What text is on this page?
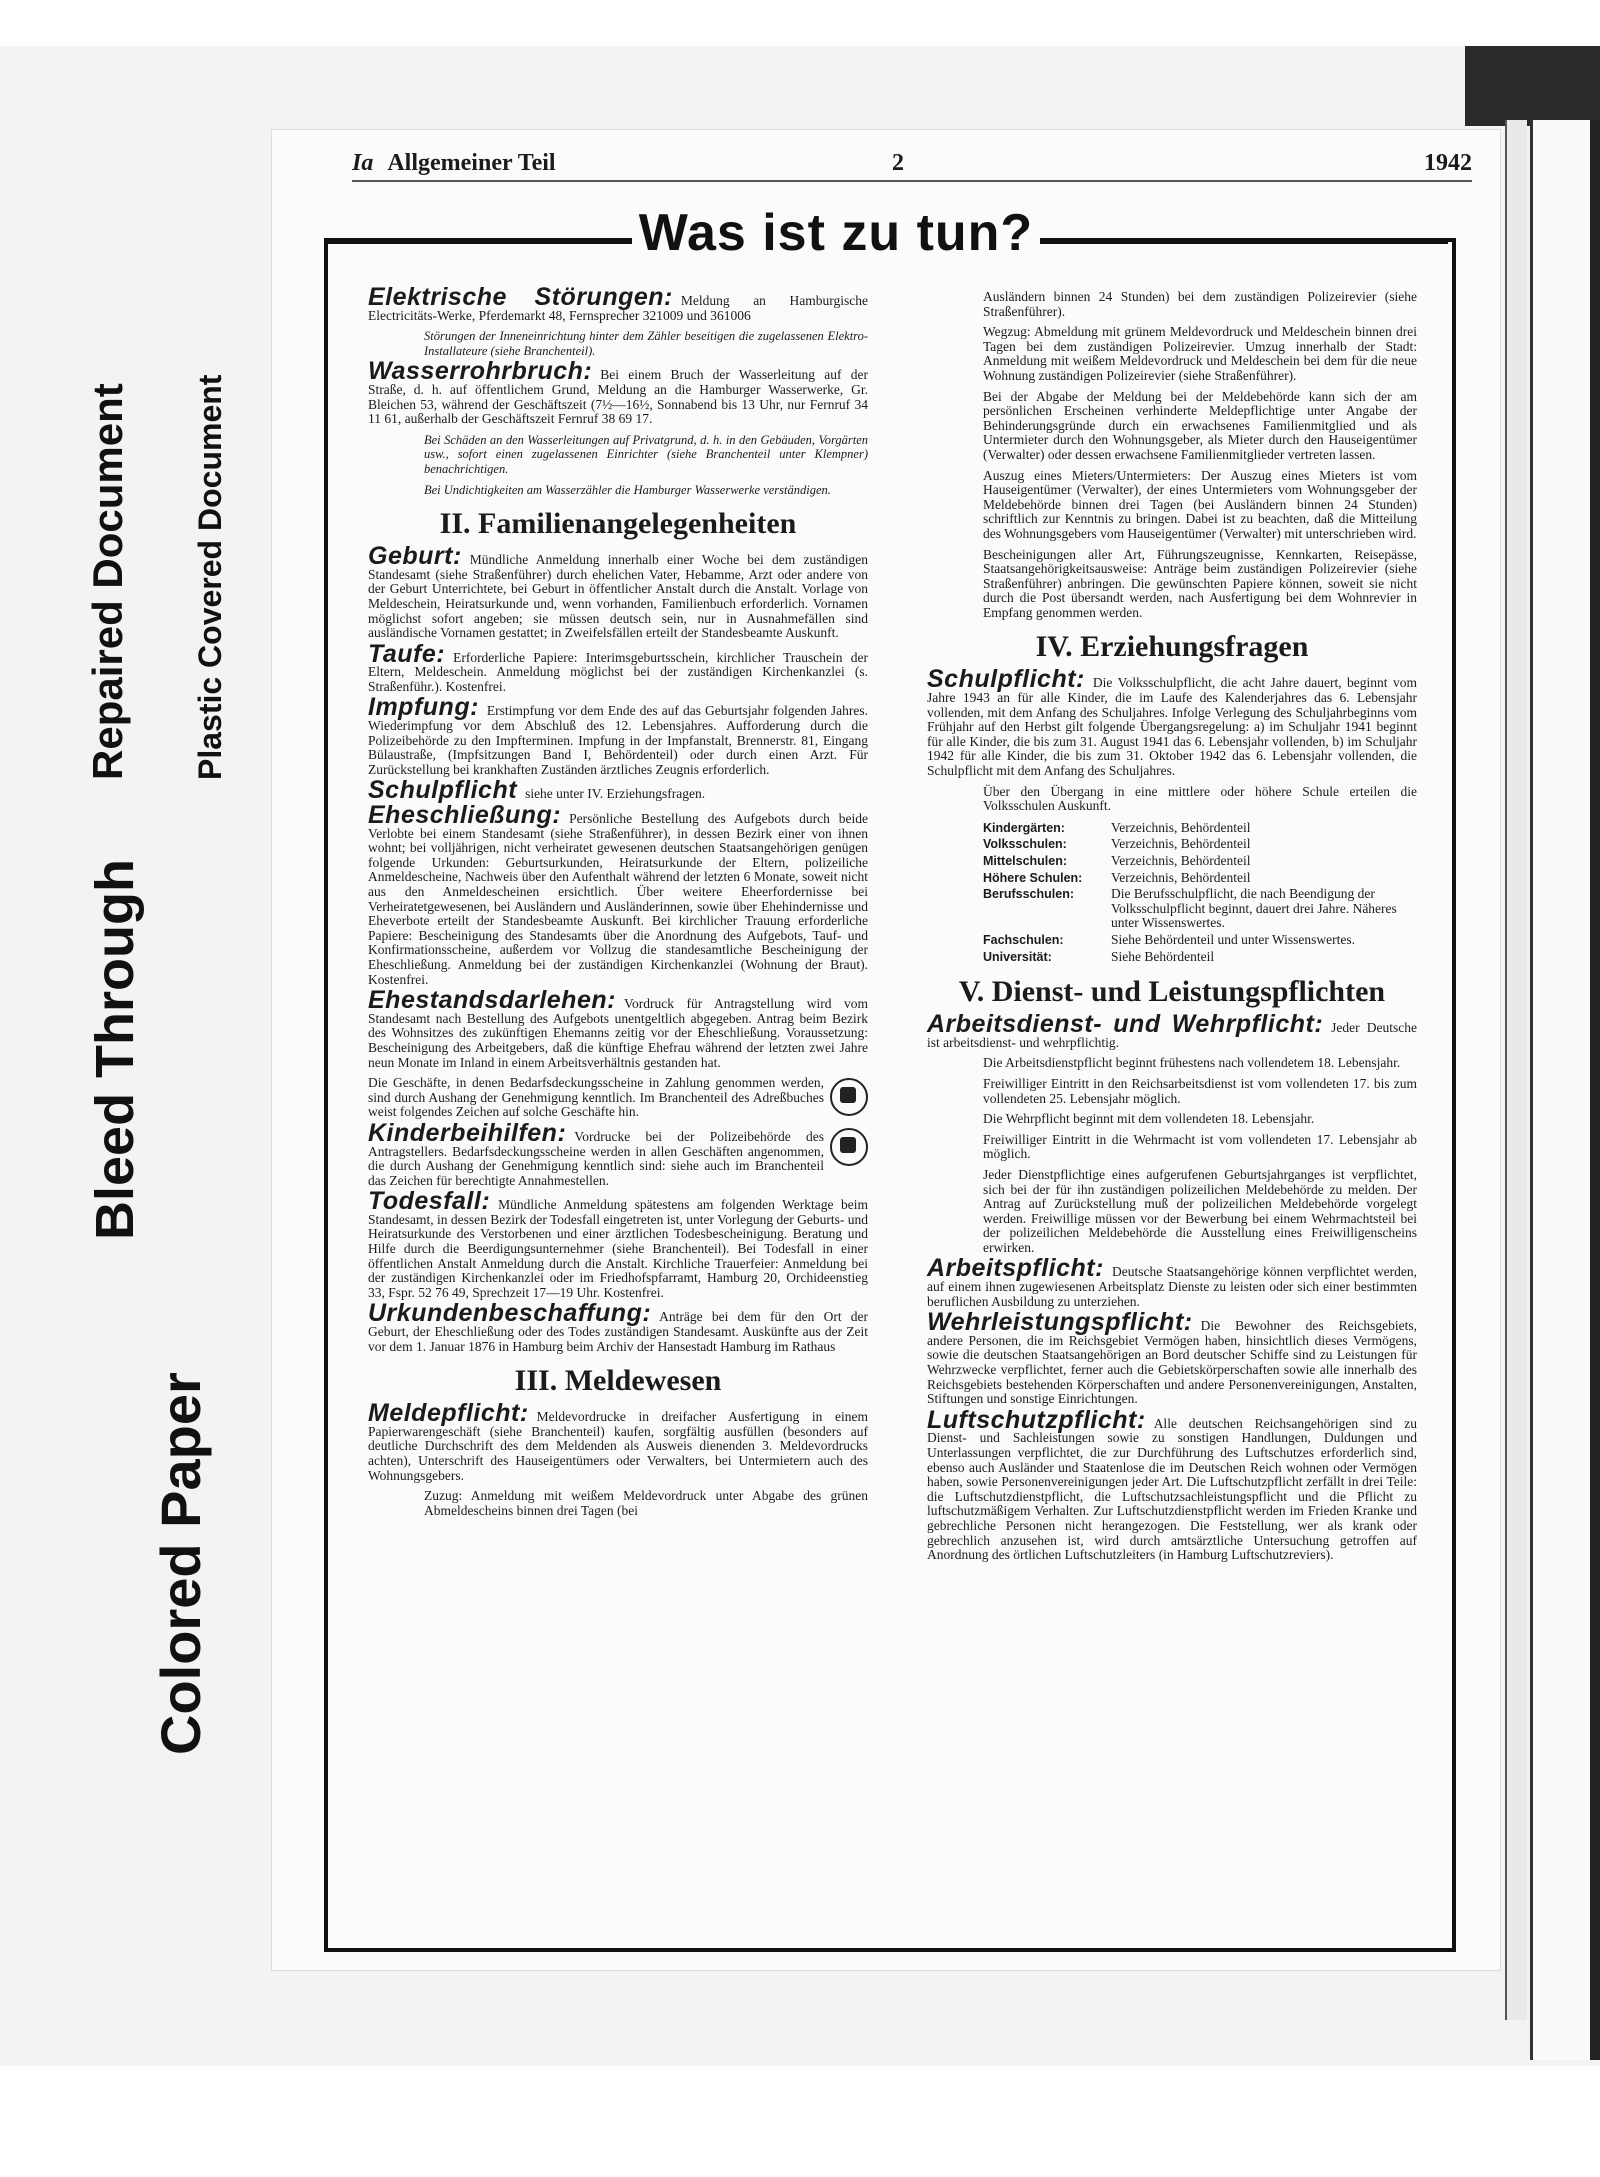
Bleed Through
Repaired Document Plastic Covered Document
Colored Paper
Ia Allgemeiner Teil	2	1942
Was ist zu tun?

Elektrische Störungen: Meldung an Hamburgische Electricitäts-Werke, Pferdemarkt 48, Fernsprecher 321009 und 361006

Störungen der Inneneinrichtung hinter dem Zähler beseitigen die zugelassenen Elektro-Installateure (siehe Branchenteil).

Wasserrohrbruch: Bei einem Bruch der Wasserleitung auf der Straße, d. h. auf öffentlichem Grund, Meldung an die Hamburger Wasserwerke, Gr. Bleichen 53, während der Geschäftszeit (7½—16½, Sonnabend bis 13 Uhr, nur Fernruf 34 11 61, außerhalb der Geschäftszeit Fernruf 38 69 17.

Bei Schäden an den Wasserleitungen auf Privatgrund, d. h. in den Gebäuden, Vorgärten usw., sofort einen zugelassenen Einrichter (siehe Branchenteil unter Klempner) benachrichtigen.

Bei Undichtigkeiten am Wasserzähler die Hamburger Wasserwerke verständigen.

II. Familienangelegenheiten

Geburt: Mündliche Anmeldung innerhalb einer Woche bei dem zuständigen Standesamt (siehe Straßenführer) durch ehelichen Vater, Hebamme, Arzt oder andere von der Geburt Unterrichtete, bei Geburt in öffentlicher Anstalt durch die Anstalt. Vorlage von Meldeschein, Heiratsurkunde und, wenn vorhanden, Familienbuch erforderlich. Vornamen möglichst sofort angeben; sie müssen deutsch sein, nur in Ausnahmefällen sind ausländische Vornamen gestattet; in Zweifelsfällen erteilt der Standesbeamte Auskunft.

Taufe: Erforderliche Papiere: Interimsgeburtsschein, kirchlicher Trauschein der Eltern, Meldeschein. Anmeldung möglichst bei der zuständigen Kirchenkanzlei (s. Straßenführ.). Kostenfrei.

Impfung: Erstimpfung vor dem Ende des auf das Geburtsjahr folgenden Jahres. Wiederimpfung vor dem Abschluß des 12. Lebensjahres. Aufforderung durch die Polizeibehörde zu den Impfterminen. Impfung in der Impfanstalt, Brennerstr. 81, Eingang Bülaustraße, (Impfsitzungen Band I, Behördenteil) oder durch einen Arzt. Für Zurückstellung bei krankhaften Zuständen ärztliches Zeugnis erforderlich.

Schulpflicht siehe unter IV. Erziehungsfragen.

Eheschließung: Persönliche Bestellung des Aufgebots durch beide Verlobte bei einem Standesamt (siehe Straßenführer), in dessen Bezirk einer von ihnen wohnt; bei volljährigen, nicht verheiratet gewesenen deutschen Staatsangehörigen genügen folgende Urkunden: Geburtsurkunden, Heiratsurkunde der Eltern, polizeiliche Anmeldescheine, Nachweis über den Aufenthalt während der letzten 6 Monate, soweit nicht aus den Anmeldescheinen ersichtlich. Über weitere Eheerfordernisse bei Verheiratetgewesenen, bei Ausländern und Ausländerinnen, sowie über Ehehindernisse und Eheverbote erteilt der Standesbeamte Auskunft. Bei kirchlicher Trauung erforderliche Papiere: Bescheinigung des Standesamts über die Anordnung des Aufgebots, Tauf- und Konfirmationsscheine, außerdem vor Vollzug die standesamtliche Bescheinigung der Eheschließung. Anmeldung bei der zuständigen Kirchenkanzlei (Wohnung der Braut). Kostenfrei.

Ehestandsdarlehen: Vordruck für Antragstellung wird vom Standesamt nach Bestellung des Aufgebots unentgeltlich abgegeben. Antrag beim Bezirk des Wohnsitzes des zukünftigen Ehemanns zeitig vor der Eheschließung. Voraussetzung: Bescheinigung des Arbeitgebers, daß die künftige Ehefrau während der letzten zwei Jahre neun Monate im Inland in einem Arbeitsverhältnis gestanden hat.

Die Geschäfte, in denen Bedarfsdeckungsscheine in Zahlung genommen werden, sind durch Aushang der Genehmigung kenntlich. Im Branchenteil des Adreßbuches weist folgendes Zeichen auf solche Geschäfte hin.

Kinderbeihilfen: Vordrucke bei der Polizeibehörde des Antragstellers. Bedarfsdeckungsscheine werden in allen Geschäften angenommen, die durch Aushang der Genehmigung kenntlich sind: siehe auch im Branchenteil das Zeichen für berechtigte Annahmestellen.

Todesfall: Mündliche Anmeldung spätestens am folgenden Werktage beim Standesamt, in dessen Bezirk der Todesfall eingetreten ist, unter Vorlegung der Geburts- und Heiratsurkunde des Verstorbenen und einer ärztlichen Todesbescheinigung. Beratung und Hilfe durch die Beerdigungsunternehmer (siehe Branchenteil). Bei Todesfall in einer öffentlichen Anstalt Anmeldung durch die Anstalt. Kirchliche Trauerfeier: Anmeldung bei der zuständigen Kirchenkanzlei oder im Friedhofspfarramt, Hamburg 20, Orchideenstieg 33, Fspr. 52 76 49, Sprechzeit 17—19 Uhr. Kostenfrei.

Urkundenbeschaffung: Anträge bei dem für den Ort der Geburt, der Eheschließung oder des Todes zuständigen Standesamt. Auskünfte aus der Zeit vor dem 1. Januar 1876 in Hamburg beim Archiv der Hansestadt Hamburg im Rathaus

III. Meldewesen

Meldepflicht: Meldevordrucke in dreifacher Ausfertigung in einem Papierwarengeschäft (siehe Branchenteil) kaufen, sorgfältig ausfüllen (besonders auf deutliche Durchschrift des dem Meldenden als Ausweis dienenden 3. Meldevordrucks achten), Unterschrift des Hauseigentümers oder Verwalters, bei Untermietern auch des Wohnungsgebers.

Zuzug: Anmeldung mit weißem Meldevordruck unter Abgabe des grünen Abmeldescheins binnen drei Tagen (bei

Ausländern binnen 24 Stunden) bei dem zuständigen Polizeirevier (siehe Straßenführer).

Wegzug: Abmeldung mit grünem Meldevordruck und Meldeschein binnen drei Tagen bei dem zuständigen Polizeirevier. Umzug innerhalb der Stadt: Anmeldung mit weißem Meldevordruck und Meldeschein bei dem für die neue Wohnung zuständigen Polizeirevier (siehe Straßenführer).

Bei der Abgabe der Meldung bei der Meldebehörde kann sich der am persönlichen Erscheinen verhinderte Meldepflichtige unter Angabe der Behinderungsgründe durch ein erwachsenes Familienmitglied und als Untermieter durch den Wohnungsgeber, als Mieter durch den Hauseigentümer (Verwalter) oder dessen erwachsene Familienmitglieder vertreten lassen.

Auszug eines Mieters/Untermieters: Der Auszug eines Mieters ist vom Hauseigentümer (Verwalter), der eines Untermieters vom Wohnungsgeber der Meldebehörde binnen drei Tagen (bei Ausländern binnen 24 Stunden) schriftlich zur Kenntnis zu bringen. Dabei ist zu beachten, daß die Mitteilung des Wohnungsgebers vom Hauseigentümer (Verwalter) mit unterschrieben wird.

Bescheinigungen aller Art, Führungszeugnisse, Kennkarten, Reisepässe, Staatsangehörigkeitsausweise: Anträge beim zuständigen Polizeirevier (siehe Straßenführer) anbringen. Die gewünschten Papiere können, soweit sie nicht durch die Post übersandt werden, nach Ausfertigung bei dem Wohnrevier in Empfang genommen werden.

IV. Erziehungsfragen

Schulpflicht: Die Volksschulpflicht, die acht Jahre dauert, beginnt vom Jahre 1943 an für alle Kinder, die im Laufe des Kalenderjahres das 6. Lebensjahr vollenden, mit dem Anfang des Schuljahres. Infolge Verlegung des Schuljahrbeginns vom Frühjahr auf den Herbst gilt folgende Übergangsregelung: a) im Schuljahr 1941 beginnt für alle Kinder, die bis zum 31. August 1941 das 6. Lebensjahr vollenden, b) im Schuljahr 1942 für alle Kinder, die bis zum 31. Oktober 1942 das 6. Lebensjahr vollenden, die Schulpflicht mit dem Anfang des Schuljahres.

Über den Übergang in eine mittlere oder höhere Schule erteilen die Volksschulen Auskunft.

Kindergärten:	Verzeichnis, Behördenteil
Volksschulen:	Verzeichnis, Behördenteil
Mittelschulen:	Verzeichnis, Behördenteil
Höhere Schulen:	Verzeichnis, Behördenteil
Berufsschulen:	Die Berufsschulpflicht, die nach Beendigung der Volksschulpflicht beginnt, dauert drei Jahre. Näheres unter Wissenswertes.
Fachschulen:	Siehe Behördenteil und unter Wissenswertes.
Universität:	Siehe Behördenteil
V. Dienst- und Leistungspflichten

Arbeitsdienst- und Wehrpflicht: Jeder Deutsche ist arbeitsdienst- und wehrpflichtig.

Die Arbeitsdienstpflicht beginnt frühestens nach vollendetem 18. Lebensjahr.

Freiwilliger Eintritt in den Reichsarbeitsdienst ist vom vollendeten 17. bis zum vollendeten 25. Lebensjahr möglich.

Die Wehrpflicht beginnt mit dem vollendeten 18. Lebensjahr.

Freiwilliger Eintritt in die Wehrmacht ist vom vollendeten 17. Lebensjahr ab möglich.

Jeder Dienstpflichtige eines aufgerufenen Geburtsjahrganges ist verpflichtet, sich bei der für ihn zuständigen polizeilichen Meldebehörde zu melden. Der Antrag auf Zurückstellung muß der polizeilichen Meldebehörde vorgelegt werden. Freiwillige müssen vor der Bewerbung bei einem Wehrmachtsteil bei der polizeilichen Meldebehörde die Ausstellung eines Freiwilligenscheins erwirken.

Arbeitspflicht: Deutsche Staatsangehörige können verpflichtet werden, auf einem ihnen zugewiesenen Arbeitsplatz Dienste zu leisten oder sich einer bestimmten beruflichen Ausbildung zu unterziehen.

Wehrleistungspflicht: Die Bewohner des Reichsgebiets, andere Personen, die im Reichsgebiet Vermögen haben, hinsichtlich dieses Vermögens, sowie die deutschen Staatsangehörigen an Bord deutscher Schiffe sind zu Leistungen für Wehrzwecke verpflichtet, ferner auch die Gebietskörperschaften sowie alle innerhalb des Reichsgebiets bestehenden Körperschaften und andere Personenvereinigungen, Anstalten, Stiftungen und sonstige Einrichtungen.

Luftschutzpflicht: Alle deutschen Reichsangehörigen sind zu Dienst- und Sachleistungen sowie zu sonstigen Handlungen, Duldungen und Unterlassungen verpflichtet, die zur Durchführung des Luftschutzes erforderlich sind, ebenso auch Ausländer und Staatenlose die im Deutschen Reich wohnen oder Vermögen haben, sowie Personenvereinigungen jeder Art. Die Luftschutzpflicht zerfällt in drei Teile: die Luftschutzdienstpflicht, die Luftschutzsachleistungspflicht und die Pflicht zu luftschutzmäßigem Verhalten. Zur Luftschutzdienstpflicht werden im Frieden Kranke und gebrechliche Personen nicht herangezogen. Die Feststellung, wer als krank oder gebrechlich anzusehen ist, wird durch amtsärztliche Untersuchung getroffen auf Anordnung des örtlichen Luftschutzleiters (in Hamburg Luftschutzreviers).
